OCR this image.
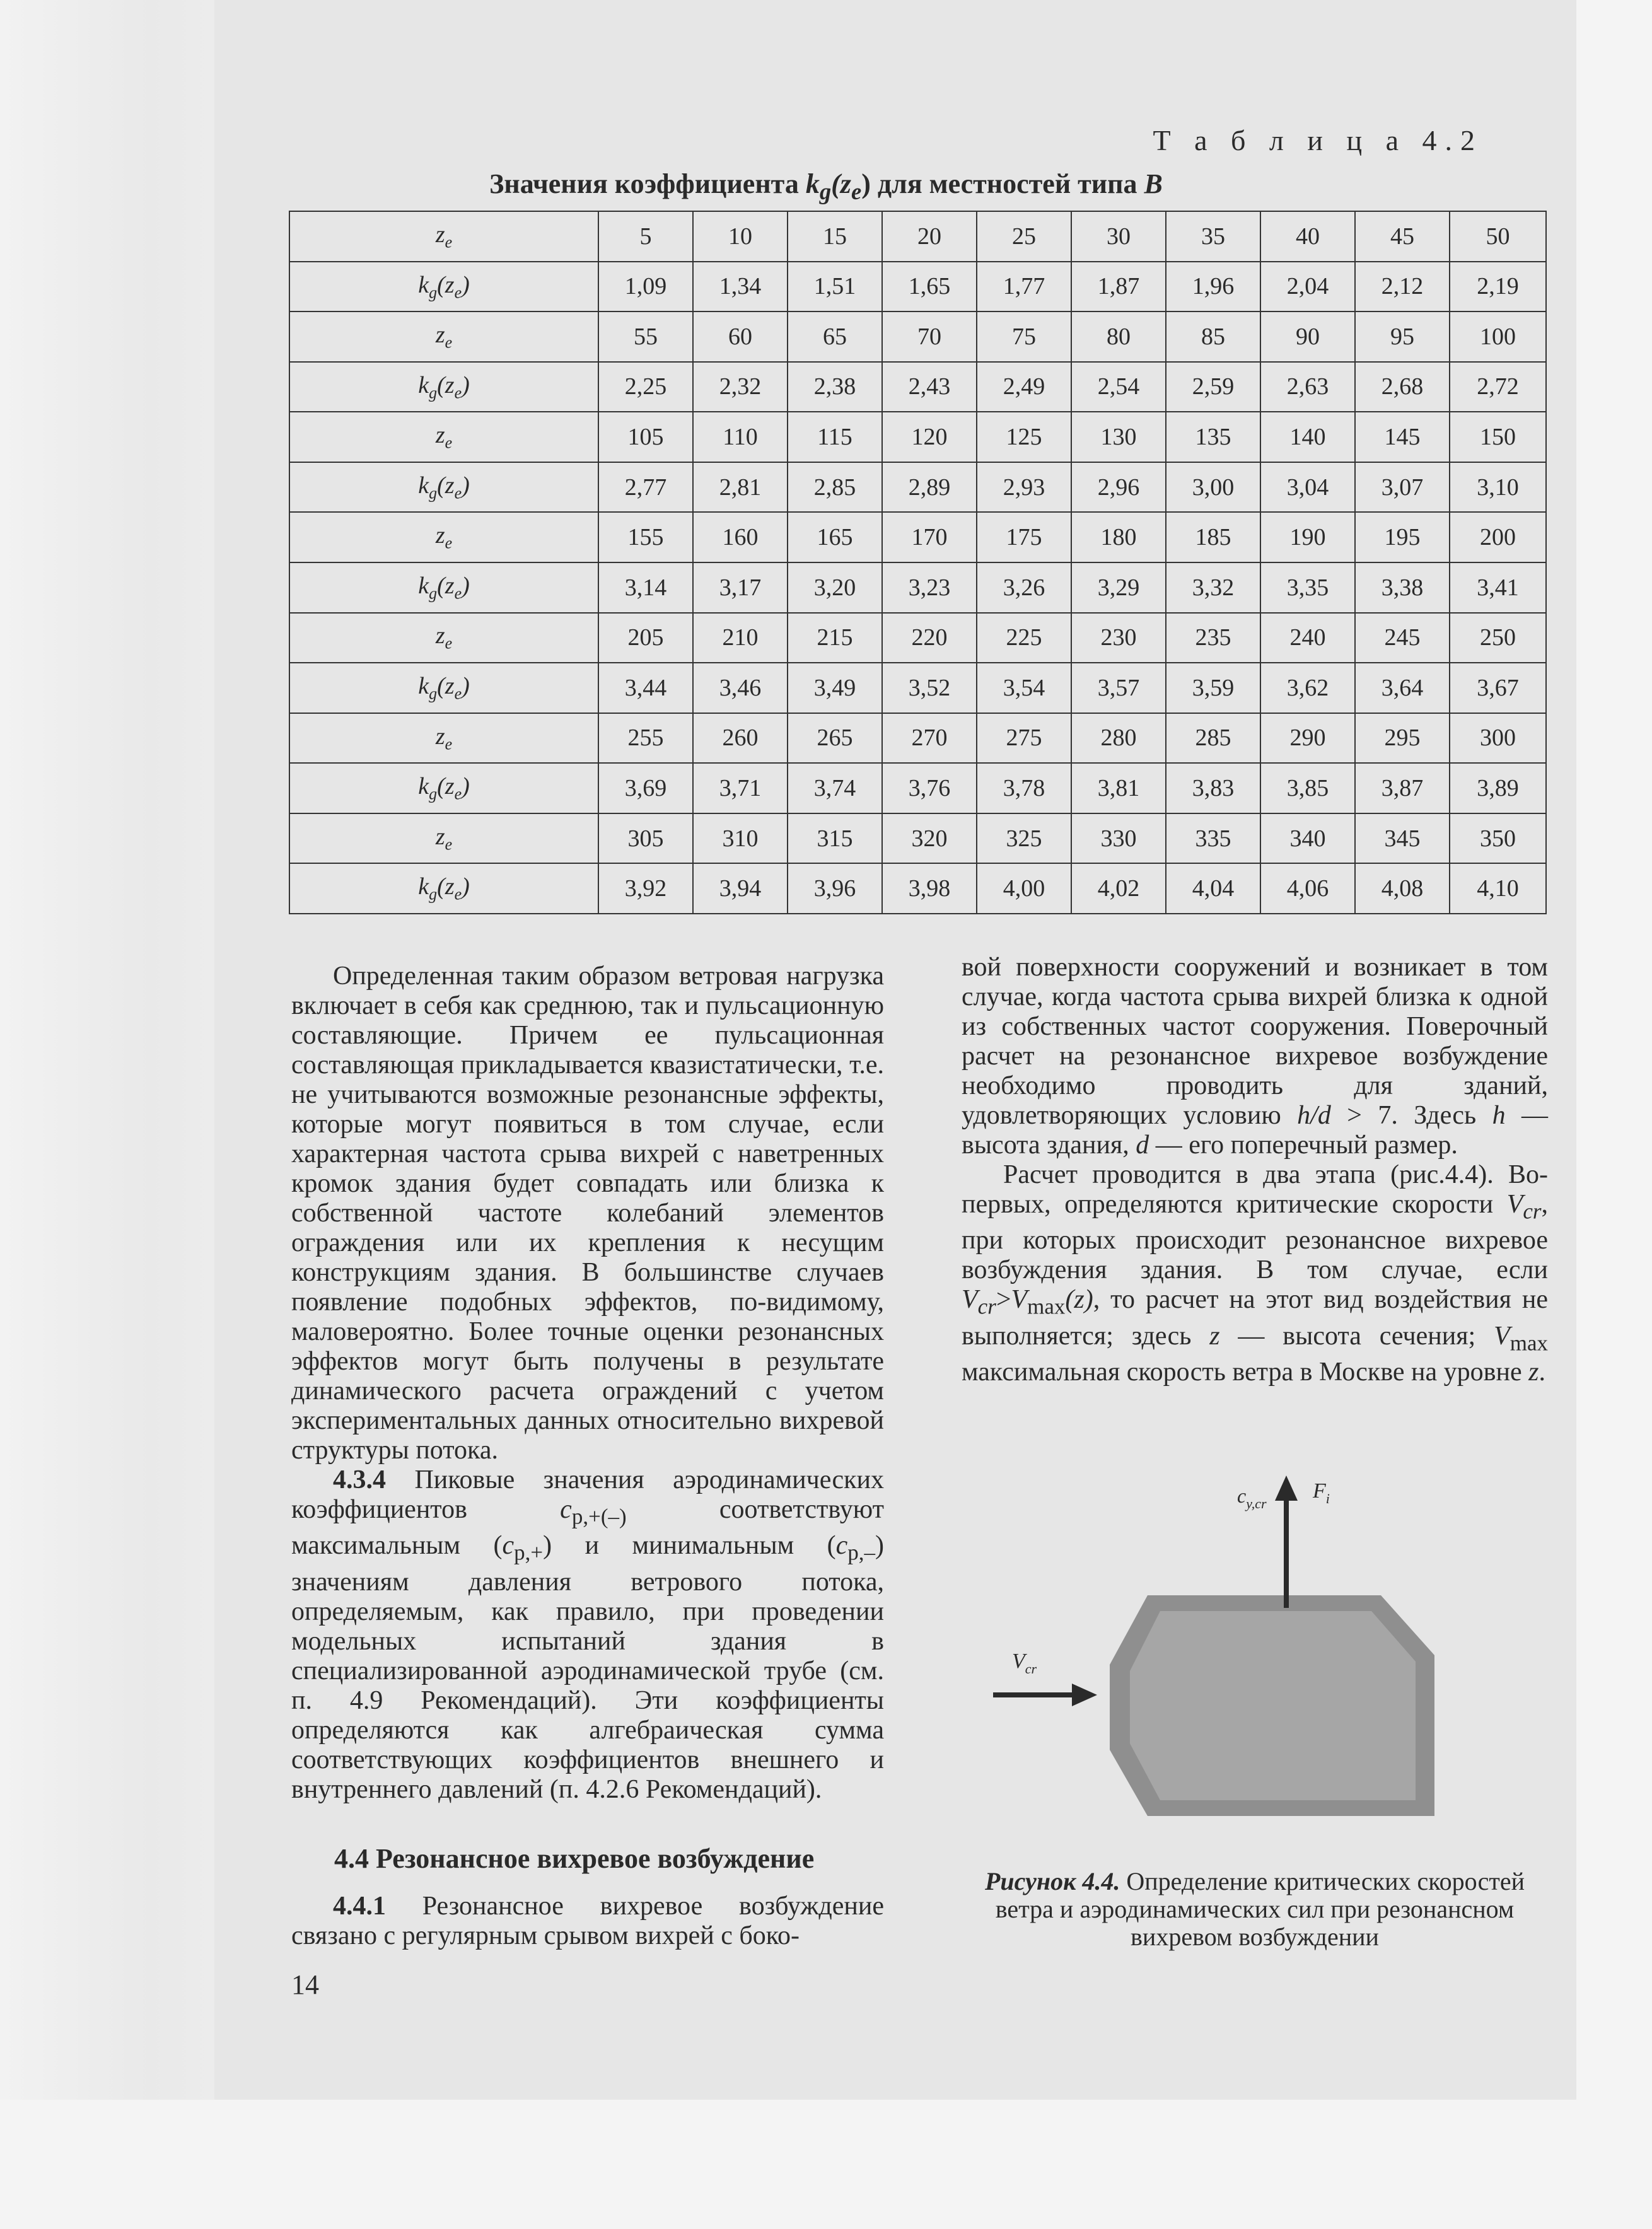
Т а б л и ц а 4.2
Значения коэффициента $k_g(z_e)$ для местностей типа B
$z_e$	5	10	15	20	25	30	35	40	45	50
$k_g(z_e)$	1,09	1,34	1,51	1,65	1,77	1,87	1,96	2,04	2,12	2,19
$z_e$	55	60	65	70	75	80	85	90	95	100
$k_g(z_e)$	2,25	2,32	2,38	2,43	2,49	2,54	2,59	2,63	2,68	2,72
$z_e$	105	110	115	120	125	130	135	140	145	150
$k_g(z_e)$	2,77	2,81	2,85	2,89	2,93	2,96	3,00	3,04	3,07	3,10
$z_e$	155	160	165	170	175	180	185	190	195	200
$k_g(z_e)$	3,14	3,17	3,20	3,23	3,26	3,29	3,32	3,35	3,38	3,41
$z_e$	205	210	215	220	225	230	235	240	245	250
$k_g(z_e)$	3,44	3,46	3,49	3,52	3,54	3,57	3,59	3,62	3,64	3,67
$z_e$	255	260	265	270	275	280	285	290	295	300
$k_g(z_e)$	3,69	3,71	3,74	3,76	3,78	3,81	3,83	3,85	3,87	3,89
$z_e$	305	310	315	320	325	330	335	340	345	350
$k_g(z_e)$	3,92	3,94	3,96	3,98	4,00	4,02	4,04	4,06	4,08	4,10

Определенная таким образом ветровая нагрузка включает в себя как среднюю, так и пульсационную составляющие. Причем ее пульсационная составляющая прикладывается квазистатически, т.е. не учитываются возможные резонансные эффекты, которые могут появиться в том случае, если характерная частота срыва вихрей с наветренных кромок здания будет совпадать или близка к собственной частоте колебаний элементов ограждения или их крепления к несущим конструкциям здания. В большинстве случаев появление подобных эффектов, по-видимому, маловероятно. Более точные оценки резонансных эффектов могут быть получены в результате динамического расчета ограждений с учетом экспериментальных данных относительно вихревой структуры потока.

4.3.4 Пиковые значения аэродинамических коэффициентов $c_{p,+(-)}$ соответствуют максимальным $(c_{p,+})$ и минимальным $(c_{p,-})$ значениям давления ветрового потока, определяемым, как правило, при проведении модельных испытаний здания в специализированной аэродинамической трубе (см. п. 4.9 Рекомендаций). Эти коэффициенты определяются как алгебраическая сумма соответствующих коэффициентов внешнего и внутреннего давлений (п. 4.2.6 Рекомендаций).

4.4 Резонансное вихревое возбуждение

4.4.1 Резонансное вихревое возбуждение связано с регулярным срывом вихрей с боко-

14

вой поверхности сооружений и возникает в том случае, когда частота срыва вихрей близка к одной из собственных частот сооружения. Поверочный расчет на резонансное вихревое возбуждение необходимо проводить для зданий, удовлетворяющих условию h/d > 7. Здесь h — высота здания, d — его поперечный размер.

Расчет проводится в два этапа (рис.4.4). Во-первых, определяются критические скорости $V_{cr}$, при которых происходит резонансное вихревое возбуждения здания. В том случае, если $V_{cr}>V_{max}(z)$, то расчет на этот вид воздействия не выполняется; здесь z — высота сечения; $V_{max}$ максимальная скорость ветра в Москве на уровне z.

$c_{y,cr}$
$F_i$
$V_{cr}$
Рисунок 4.4. Определение критических скоростей ветра и аэродинамических сил при резонансном вихревом возбуждении
